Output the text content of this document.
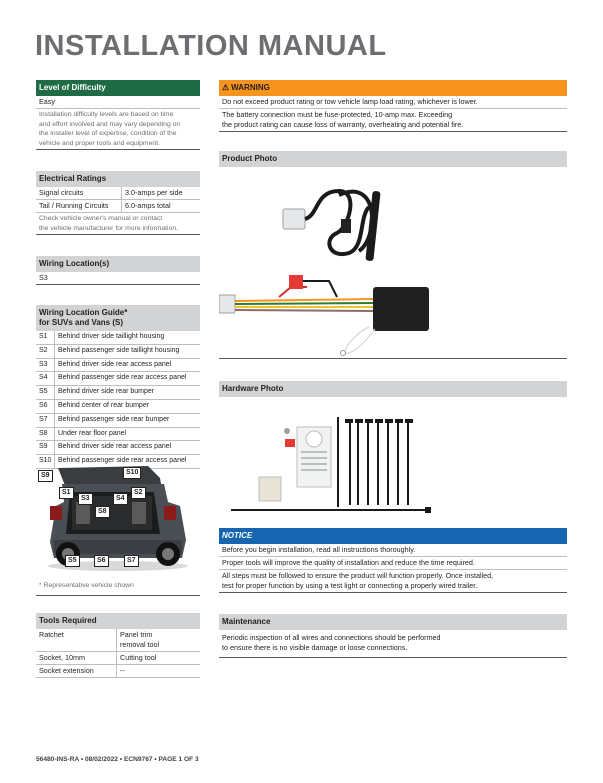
INSTALLATION MANUAL
Level of Difficulty
Easy
Installation difficulty levels are based on time
and effort involved and may vary depending on
the installer level of expertise, condition of the
vehicle and proper tools and equipment.
Electrical Ratings
Signal circuits	3.0-amps per side
Tail / Running Circuits	6.0-amps total
Check vehicle owner's manual or contact
the vehicle manufacturer for more information.
Wiring Location(s)
S3
Wiring Location Guide*
for SUVs and Vans (S)
S1	Behind driver side taillight housing
S2	Behind passenger side taillight housing
S3	Behind driver side rear access panel
S4	Behind passenger side rear access panel
S5	Behind driver side rear bumper
S6	Behind center of rear bumper
S7	Behind passenger side rear bumper
S8	Under rear floor panel
S9	Behind driver side rear access panel
S10 Behind passenger side rear access panel
S9	S10
S1	S2
S3	S4
S8
S5	S6	S7
* Representative vehicle shown
Tools Required
Ratchet	Panel trim
removal tool
Socket, 10mm	Cutting tool
Socket extension	--
⚠ WARNING
Do not exceed product rating or tow vehicle lamp load rating, whichever is lower.
The battery connection must be fuse-protected, 10-amp max. Exceeding
the product rating can cause loss of warranty, overheating and potential fire.
Product Photo
Hardware Photo
NOTICE
Before you begin installation, read all instructions thoroughly.
Proper tools will improve the quality of installation and reduce the time required.
All steps must be followed to ensure the product will function properly. Once installed,
test for proper function by using a test light or connecting a properly wired trailer.
Maintenance
Periodic inspection of all wires and connections should be performed
to ensure there is no visible damage or loose connections.
56480-INS-RA • 08/02/2022 • ECN9767 • PAGE 1 OF 3
